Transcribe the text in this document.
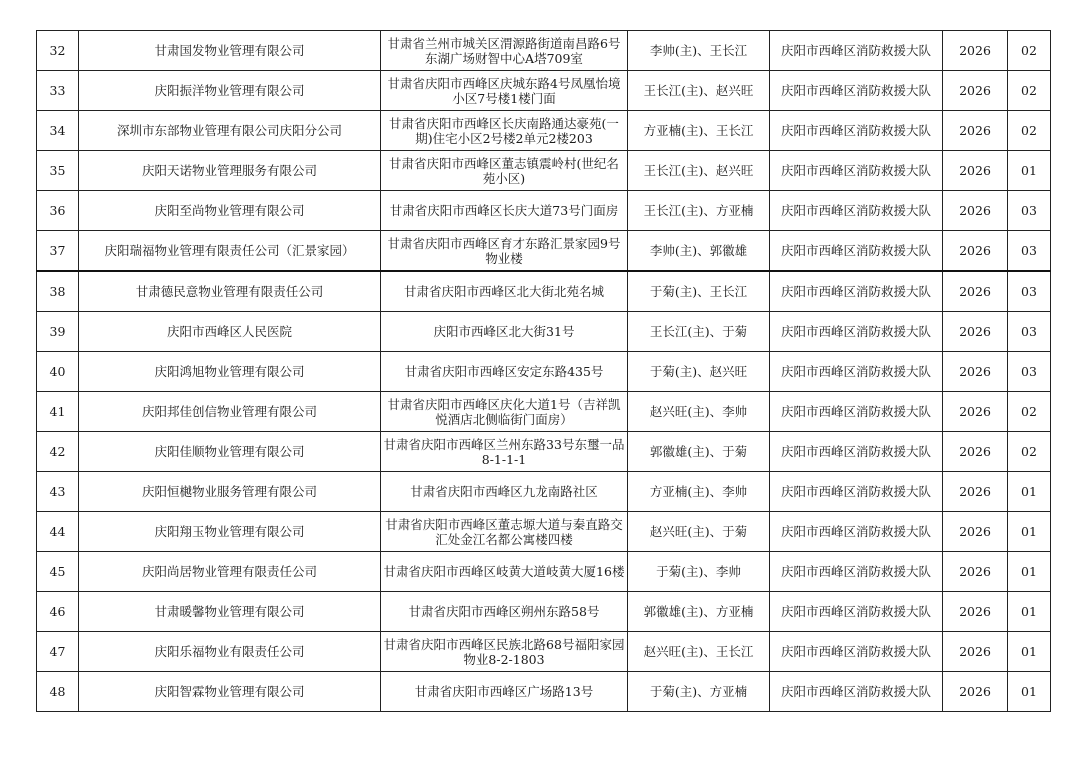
32	甘肃国发物业管理有限公司	甘肃省兰州市城关区渭源路街道南昌路6号东湖广场财智中心A塔709室	李帅(主)、王长江	庆阳市西峰区消防救援大队	2026	02
33	庆阳振洋物业管理有限公司	甘肃省庆阳市西峰区庆城东路4号凤凰怡境小区7号楼1楼门面	王长江(主)、赵兴旺	庆阳市西峰区消防救援大队	2026	02
34	深圳市东部物业管理有限公司庆阳分公司	甘肃省庆阳市西峰区长庆南路通达豪苑(一期)住宅小区2号楼2单元2楼203	方亚楠(主)、王长江	庆阳市西峰区消防救援大队	2026	02
35	庆阳天诺物业管理服务有限公司	甘肃省庆阳市西峰区董志镇震岭村(世纪名苑小区)	王长江(主)、赵兴旺	庆阳市西峰区消防救援大队	2026	01
36	庆阳至尚物业管理有限公司	甘肃省庆阳市西峰区长庆大道73号门面房	王长江(主)、方亚楠	庆阳市西峰区消防救援大队	2026	03
37	庆阳瑞福物业管理有限责任公司（汇景家园）	甘肃省庆阳市西峰区育才东路汇景家园9号物业楼	李帅(主)、郭徽雄	庆阳市西峰区消防救援大队	2026	03
38	甘肃德民意物业管理有限责任公司	甘肃省庆阳市西峰区北大街北苑名城	于菊(主)、王长江	庆阳市西峰区消防救援大队	2026	03
39	庆阳市西峰区人民医院	庆阳市西峰区北大街31号	王长江(主)、于菊	庆阳市西峰区消防救援大队	2026	03
40	庆阳鸿旭物业管理有限公司	甘肃省庆阳市西峰区安定东路435号	于菊(主)、赵兴旺	庆阳市西峰区消防救援大队	2026	03
41	庆阳邦佳创信物业管理有限公司	甘肃省庆阳市西峰区庆化大道1号（吉祥凯悦酒店北侧临街门面房）	赵兴旺(主)、李帅	庆阳市西峰区消防救援大队	2026	02
42	庆阳佳顺物业管理有限公司	甘肃省庆阳市西峰区兰州东路33号东璽一品8-1-1-1	郭徽雄(主)、于菊	庆阳市西峰区消防救援大队	2026	02
43	庆阳恒樾物业服务管理有限公司	甘肃省庆阳市西峰区九龙南路社区	方亚楠(主)、李帅	庆阳市西峰区消防救援大队	2026	01
44	庆阳翔玉物业管理有限公司	甘肃省庆阳市西峰区董志塬大道与秦直路交汇处金江名都公寓楼四楼	赵兴旺(主)、于菊	庆阳市西峰区消防救援大队	2026	01
45	庆阳尚居物业管理有限责任公司	甘肃省庆阳市西峰区岐黄大道岐黄大厦16楼	于菊(主)、李帅	庆阳市西峰区消防救援大队	2026	01
46	甘肃暖馨物业管理有限公司	甘肃省庆阳市西峰区朔州东路58号	郭徽雄(主)、方亚楠	庆阳市西峰区消防救援大队	2026	01
47	庆阳乐福物业有限责任公司	甘肃省庆阳市西峰区民族北路68号福阳家园物业8-2-1803	赵兴旺(主)、王长江	庆阳市西峰区消防救援大队	2026	01
48	庆阳智霖物业管理有限公司	甘肃省庆阳市西峰区广场路13号	于菊(主)、方亚楠	庆阳市西峰区消防救援大队	2026	01
